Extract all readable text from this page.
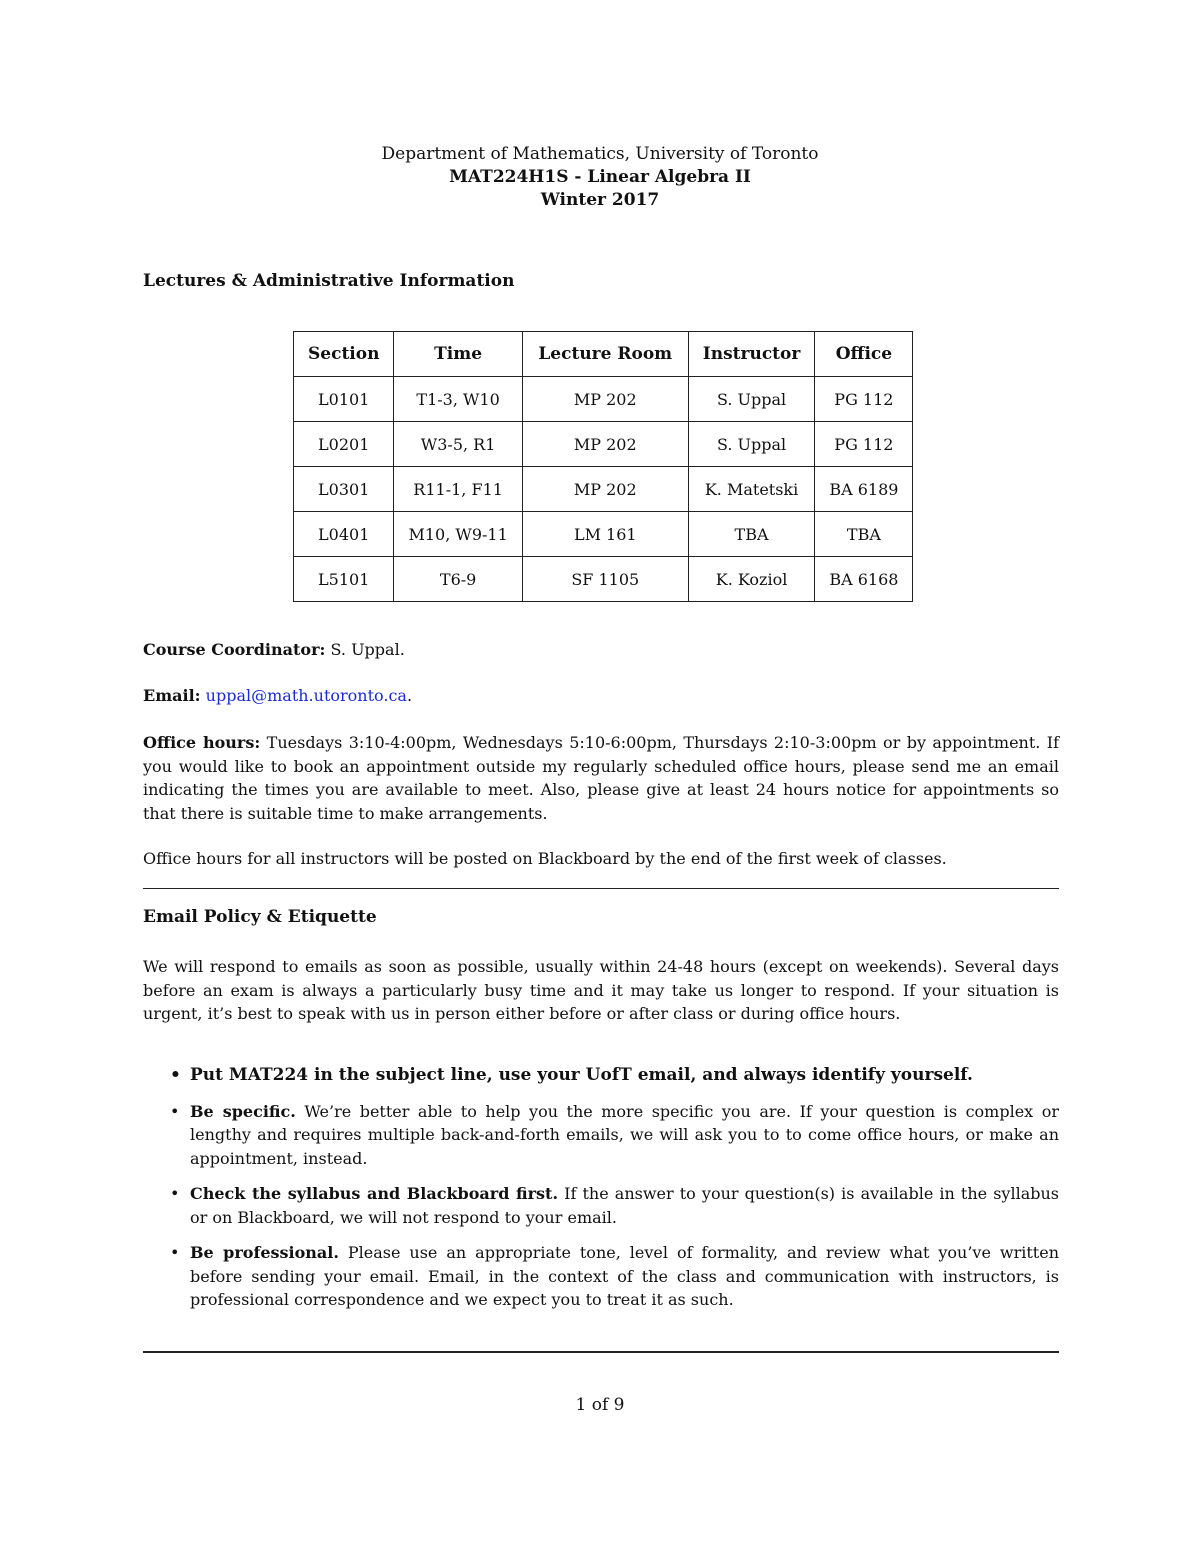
Department of Mathematics, University of Toronto
MAT224H1S - Linear Algebra II
Winter 2017
Lectures & Administrative Information
Section	Time	Lecture Room	Instructor	Office
L0101	T1-3, W10	MP 202	S. Uppal	PG 112
L0201	W3-5, R1	MP 202	S. Uppal	PG 112
L0301	R11-1, F11	MP 202	K. Matetski	BA 6189
L0401	M10, W9-11	LM 161	TBA	TBA
L5101	T6-9	SF 1105	K. Koziol	BA 6168
Course Coordinator: S. Uppal.
Email: uppal@math.utoronto.ca.
Office hours: Tuesdays 3:10-4:00pm, Wednesdays 5:10-6:00pm, Thursdays 2:10-3:00pm or by appointment. If you would like to book an appointment outside my regularly scheduled office hours, please send me an email indicating the times you are available to meet. Also, please give at least 24 hours notice for appointments so that there is suitable time to make arrangements.
Office hours for all instructors will be posted on Blackboard by the end of the first week of classes.
Email Policy & Etiquette
We will respond to emails as soon as possible, usually within 24-48 hours (except on weekends). Several days before an exam is always a particularly busy time and it may take us longer to respond. If your situation is urgent, it’s best to speak with us in person either before or after class or during office hours.
• Put MAT224 in the subject line, use your UofT email, and always identify yourself.
• Be specific. We’re better able to help you the more specific you are. If your question is complex or lengthy and requires multiple back-and-forth emails, we will ask you to to come office hours, or make an appointment, instead.
• Check the syllabus and Blackboard first. If the answer to your question(s) is available in the syllabus or on Blackboard, we will not respond to your email.
• Be professional. Please use an appropriate tone, level of formality, and review what you’ve written before sending your email. Email, in the context of the class and communication with instructors, is professional correspondence and we expect you to treat it as such.
1 of 9
